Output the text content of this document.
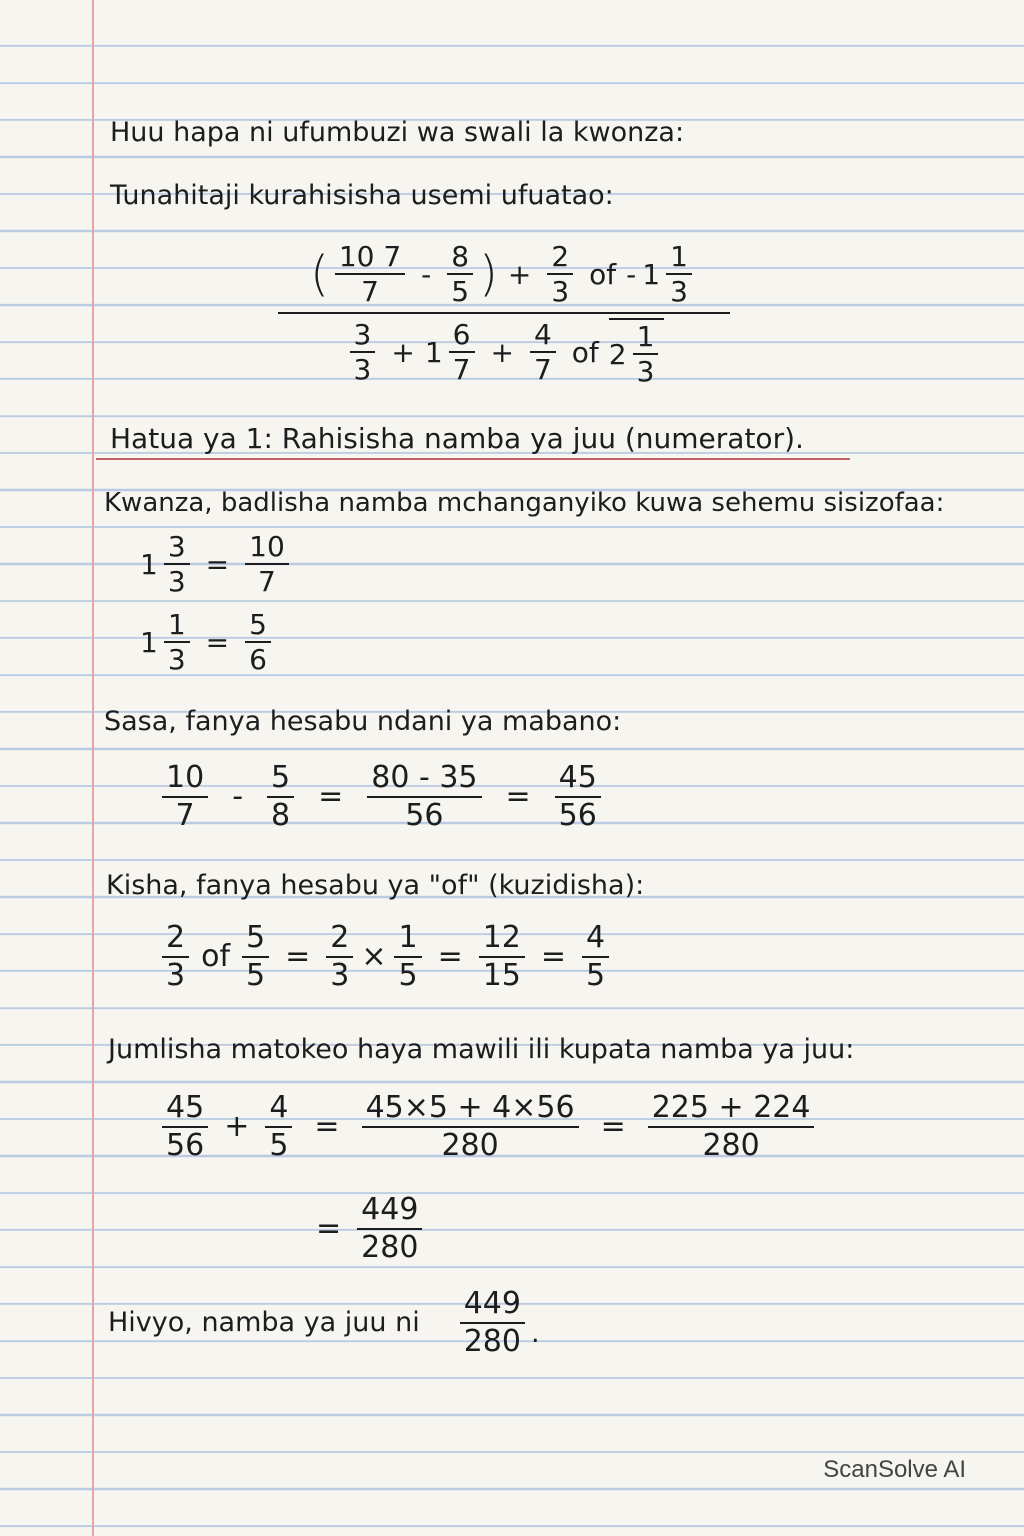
Huu hapa ni ufumbuzi wa swali la kwonza:
Tunahitaji kurahisisha usemi ufuatao:
( $\frac{10 7}{7} - \frac{8}{5}$ ) + $\frac{2}{3}$ of - $1 \frac{1}{3}$
$\frac{3}{3} + 1 \frac{6}{7} + \frac{4}{7}$ of $2 \frac{1}{3}$
Hatua ya 1: Rahisisha namba ya juu (numerator).
Kwanza, badlisha namba mchanganyiko kuwa sehemu sisizofaa:
$1 \frac{3}{3} = \frac{10}{7}$
$1 \frac{1}{3} = \frac{5}{6}$
Sasa, fanya hesabu ndani ya mabano:
$\frac{10}{7} - \frac{5}{8} = \frac{80 - 35}{56} = \frac{45}{56}$
Kisha, fanya hesabu ya "of" (kuzidisha):
$\frac{2}{3}$ of $\frac{5}{5} = \frac{2}{3} \times \frac{1}{5} = \frac{12}{15} = \frac{4}{5}$
Jumlisha matokeo haya mawili ili kupata namba ya juu:
$\frac{45}{56} + \frac{4}{5} = \frac{45\times 5 + 4\times 56}{280} = \frac{225 + 224}{280}$
= $\frac{449}{280}$
Hivyo, namba ya juu ni $\frac{449}{280}$ .
ScanSolve AI
